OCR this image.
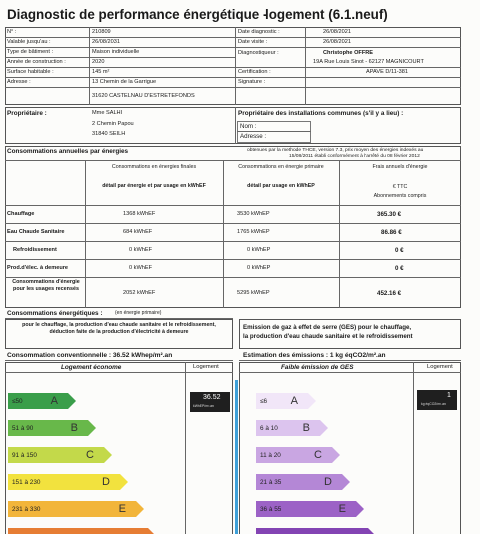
Diagnostic de performance énergétique -
logement (6.1.neuf)
N° :	210809
Valable jusqu'au :	26/08/2031
Type de bâtiment :	Maison individuelle
Année de construction :	2020
Surface habitable :	145 m²
Adresse :	13 Chemin de la Garrigue
31620 CASTELNAU D'ESTRETEFONDS
Date diagnostic :	26/08/2021
Date visite :	26/08/2021
Diagnostiqueur :	Christophe OFFRE
19A Rue Louis Sinot - 62127 MAGNICOURT
Certification :	APAVE D/11-381
Signature :
Propriétaire :	Mme SALHI
2 Chemin Papou
31840 SEILH
Propriétaire des installations communes (s'il y a lieu) :
Nom :
Adresse :
Consommations annuelles par énergies	obtenues par la methode THCE, version 7.3, prix moyen des énergies indexés au
15/08/2011 établi conformément à l'arrêté du 08 février 2012
Consommations en énergies finales
détail par énergie et par usage en kWhEF
Consommations en énergie primaire
détail par usage en kWhEP
Frais annuels d'énergie
€ TTC
Abonnements compris
Chauffage	1368 kWhEF	3530 kWhEP	365.30 €
Eau Chaude Sanitaire	684 kWhEF	1765 kWhEP	86.86 €
Refroidissement	0 kWhEF	0 kWhEP	0 €
Prod.d'élec. à demeure	0 kWhEF	0 kWhEP	0 €
Consommations d'énergie pour les usages recensés
2052 kWhEF	5295 kWhEP	452.16 €
Consommations énergétiques : (en énergie primaire)
pour le chauffage, la production d'eau chaude sanitaire et le refroidissement, déduction faite de la production d'électricité à demeure
Emission de gaz à effet de serre (GES) pour le chauffage,
la production d'eau chaude sanitaire et le refroidissement
Consommation conventionnelle : 36.52 kWhep/m².an	Estimation des émissions : 1 kg éqCO2/m².an
Logement économe	Logement
≤50	A
51 à 90	B
91 à 150	C
151 à 230	D
231 à 330	E
36.52
kWhEP/m².an
Faible émission de GES	Logement
≤6 A
6 à 10 B
11 à 20	C
21 à 35	D
36 à 55	E
1
kg éqCO2/m².an
